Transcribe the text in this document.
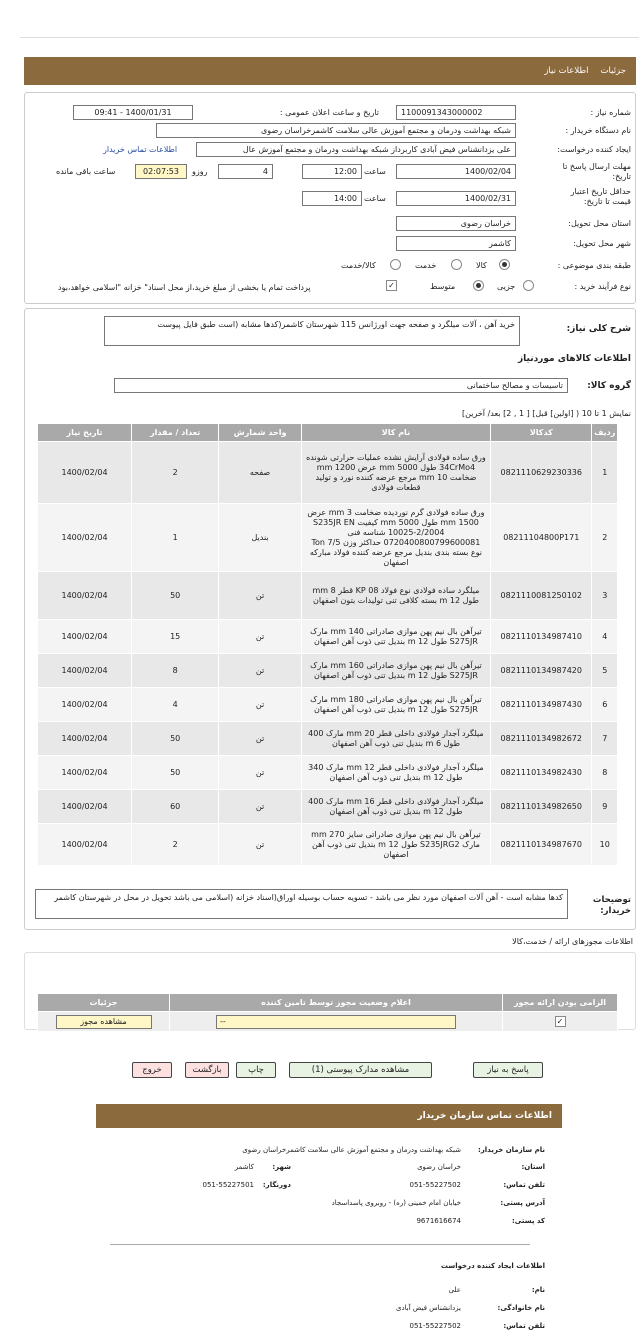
جزئیات
اطلاعات نیاز
شماره نیاز :
1100091343000002
تاریخ و ساعت اعلان عمومی :
1400/01/31 - 09:41
نام دستگاه خریدار :
شبکه بهداشت ودرمان و مجتمع آموزش عالی سلامت کاشمرخراسان رضوی
ایجاد کننده درخواست:
علی یزدانشناس فیض آبادی کاربرداز شبکه بهداشت ودرمان و مجتمع آموزش عال
اطلاعات تماس خریدار
مهلت ارسال پاسخ تا تاریخ:
1400/02/04
ساعت
12:00
4
روزو
02:07:53
ساعت باقی مانده
حداقل تاریخ اعتبار قیمت تا تاریخ:
1400/02/31
ساعت
14:00
استان محل تحویل:
خراسان رضوی
شهر محل تحویل:
کاشمر
طبقه بندی موضوعی :
کالا
خدمت
کالا/خدمت
نوع فرآیند خرید :
جزیی
متوسط
✓
پرداخت تمام یا بخشی از مبلغ خرید،از محل اسناد" خزانه "اسلامی خواهد،بود
شرح کلی نیاز:
خرید آهن ، آلات میلگرد و صفحه جهت اورژانس 115 شهرستان کاشمر(کدها مشابه (است طبق فایل پیوست
اطلاعات کالاهای موردنیاز
گروه کالا:
تاسیسات و مصالح ساختمانی
نمایش 1 تا 10 ( [اولین] قبل] [ 1 , 2] بعد/ آخرین]
ردیف	کدکالا	نام کالا	واحد شمارش	تعداد / مقدار	تاریخ نیاز
1	0821110629230336	ورق ساده فولادی آرایش نشده عملیات حرارتی شونده 34CrMo4 طول 5000 mm عرض 1200 mm ضخامت 10 mm مرجع عرضه کننده نورد و تولید قطعات فولادی	صفحه	2	1400/02/04
2	08211104800P171	ورق ساده فولادی گرم نوردیده ضخامت 3 mm عرض 1500 mm طول 5000 mm کیفیت S235JR EN 10025-2/2004 شناسه فنی 0720400800799600081 حداکثر وزن 7/5 Ton نوع بسته بندی بندیل مرجع عرضه کننده فولاد مبارکه اصفهان	بندیل	1	1400/02/04
3	0821110081250102	میلگرد ساده فولادی نوع فولاد 08 KP قطر 8 mm طول 12 m بسته کلافی تنی تولیدات بتون اصفهان	تن	50	1400/02/04
4	0821110134987410	تیرآهن بال نیم پهن موازی صادراتی 140 mm مارک S275JR طول 12 m بندیل تنی ذوب آهن اصفهان	تن	15	1400/02/04
5	0821110134987420	تیرآهن بال نیم پهن موازی صادراتی 160 mm مارک S275JR طول 12 m بندیل تنی ذوب آهن اصفهان	تن	8	1400/02/04
6	0821110134987430	تیرآهن بال نیم پهن موازی صادراتی 180 mm مارک S275JR طول 12 m بندیل تنی ذوب آهن اصفهان	تن	4	1400/02/04
7	0821110134982672	میلگرد آجدار فولادی داخلی قطر 20 mm مارک 400 طول 6 m بندیل تنی ذوب آهن اصفهان	تن	50	1400/02/04
8	0821110134982430	میلگرد آجدار فولادی داخلی قطر 12 mm مارک 340 طول 12 m بندیل تنی ذوب آهن اصفهان	تن	50	1400/02/04
9	0821110134982650	میلگرد آجدار فولادی داخلی قطر 16 mm مارک 400 طول 12 m بندیل تنی ذوب آهن اصفهان	تن	60	1400/02/04
10	0821110134987670	تیرآهن بال نیم پهن موازی صادراتی سایز 270 mm مارک S235JRG2 طول 12 m بندیل تنی ذوب آهن اصفهان	تن	2	1400/02/04
توضیحات خریدار:
کدها مشابه است - آهن آلات اصفهان مورد نظر می باشد - تسویه حساب بوسیله اوراق(اسناد خزانه (اسلامی می باشد تحویل در محل در شهرستان کاشمر
اطلاعات مجوزهای ارائه / خدمت،کالا
الزامی بودن ارائه مجوز	اعلام وضعیت مجوز توسط تامین کننده	جزئیات
✓	--	مشاهده مجوز
پاسخ به نیاز
مشاهده مدارک پیوستی (1)
چاپ
بازگشت
خروج
اطلاعات تماس سازمان خریدار
نام سازمان خریدار:
شبکه بهداشت ودرمان و مجتمع آموزش عالی سلامت کاشمرخراسان رضوی
استان:
خراسان رضوی
شهر:
کاشمر
تلفن تماس:
051-55227502
دورنگار:
051-55227501
آدرس پستی:
خیابان امام خمینی (ره) - روبروی پاسداسجاد
کد پستی:
9671616674
اطلاعات ایجاد کننده درخواست
نام:
علی
نام خانوادگی:
یزدانشناس فیض آبادی
تلفن تماس:
051-55227502
